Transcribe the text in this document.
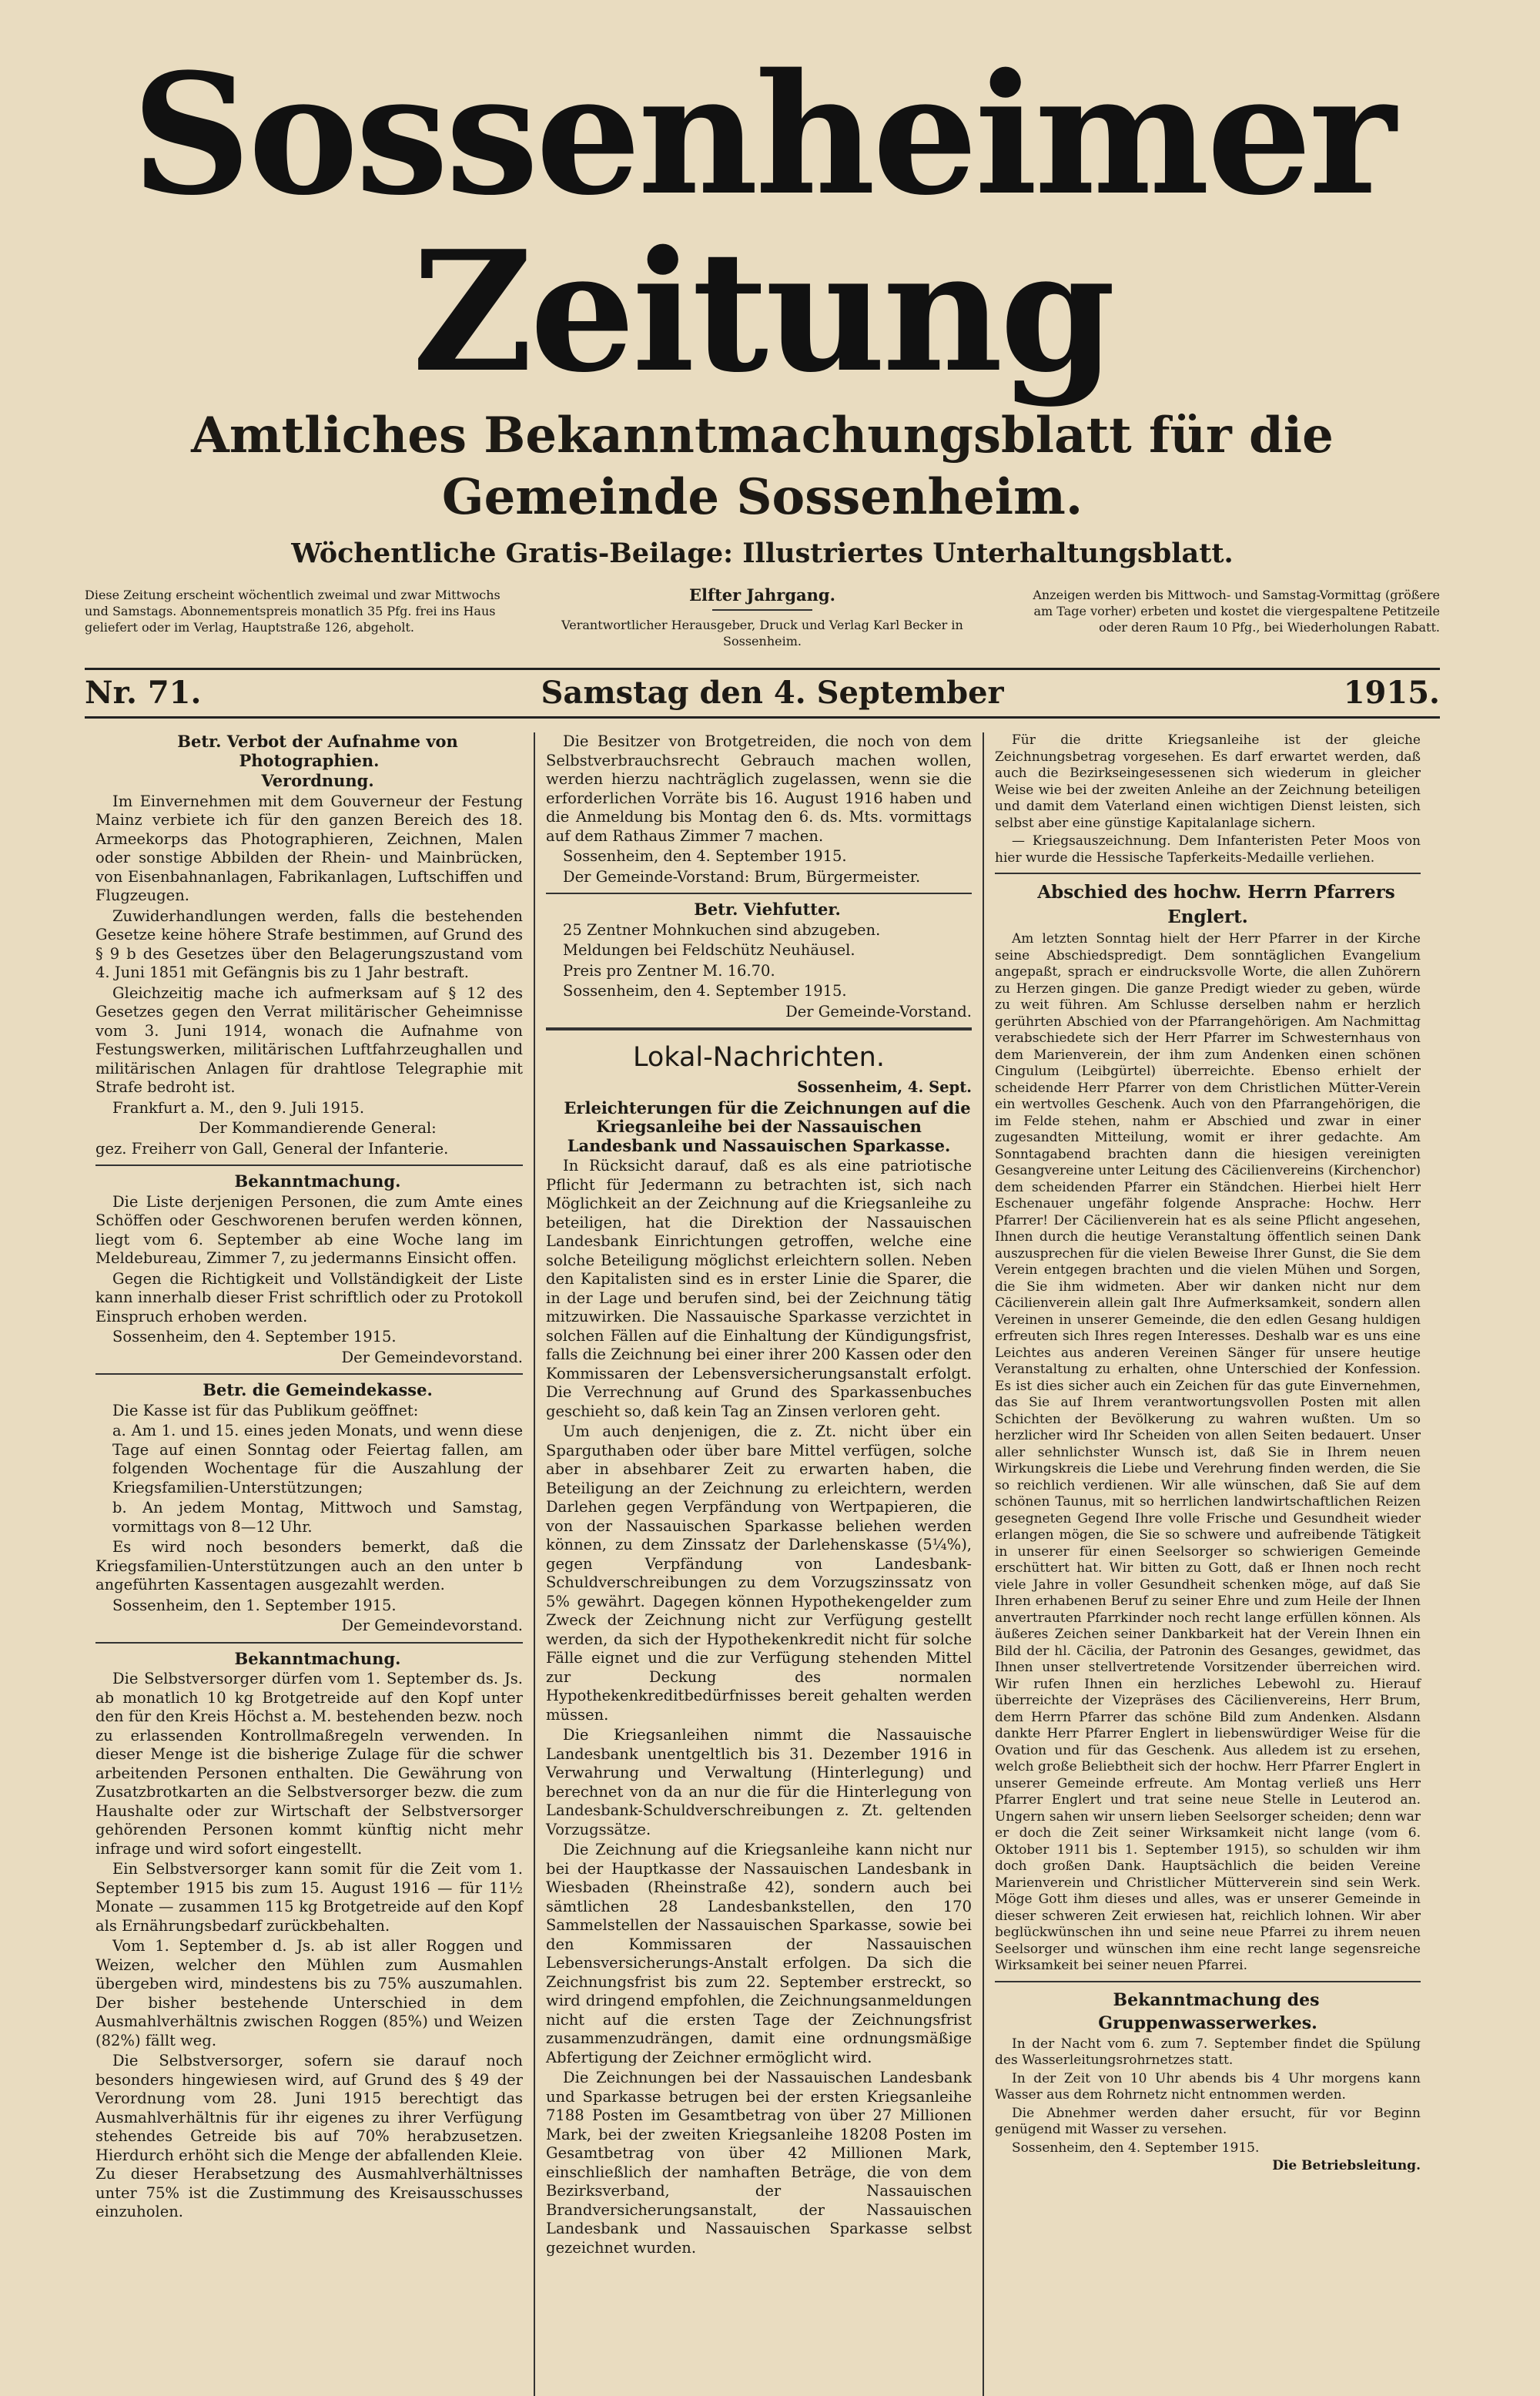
Sossenheimer Zeitung
Amtliches Bekanntmachungsblatt für die Gemeinde Sossenheim.
Wöchentliche Gratis-Beilage: Illustriertes Unterhaltungsblatt.
Diese Zeitung erscheint wöchentlich zweimal und zwar Mittwochs und Samstags. Abonnementspreis monatlich 35 Pfg. frei ins Haus geliefert oder im Verlag, Hauptstraße 126, abgeholt.
Elfter Jahrgang.
Verantwortlicher Herausgeber, Druck und Verlag Karl Becker in Sossenheim.
Anzeigen werden bis Mittwoch- und Samstag-Vormittag (größere am Tage vorher) erbeten und kostet die viergespaltene Petitzeile oder deren Raum 10 Pfg., bei Wiederholungen Rabatt.
Nr. 71.	Samstag den 4. September	1915.

Betr. Verbot der Aufnahme von Photographien.

Verordnung.

Im Einvernehmen mit dem Gouverneur der Festung Mainz verbiete ich für den ganzen Bereich des 18. Armeekorps das Photographieren, Zeichnen, Malen oder sonstige Abbilden der Rhein- und Mainbrücken, von Eisenbahnanlagen, Fabrikanlagen, Luftschiffen und Flugzeugen.

Zuwiderhandlungen werden, falls die bestehenden Gesetze keine höhere Strafe bestimmen, auf Grund des § 9 b des Gesetzes über den Belagerungszustand vom 4. Juni 1851 mit Gefängnis bis zu 1 Jahr bestraft.

Gleichzeitig mache ich aufmerksam auf § 12 des Gesetzes gegen den Verrat militärischer Geheimnisse vom 3. Juni 1914, wonach die Aufnahme von Festungswerken, militärischen Luftfahrzeughallen und militärischen Anlagen für drahtlose Telegraphie mit Strafe bedroht ist.

Frankfurt a. M., den 9. Juli 1915.

Der Kommandierende General:

gez. Freiherr von Gall, General der Infanterie.

Bekanntmachung.

Die Liste derjenigen Personen, die zum Amte eines Schöffen oder Geschworenen berufen werden können, liegt vom 6. September ab eine Woche lang im Meldebureau, Zimmer 7, zu jedermanns Einsicht offen.

Gegen die Richtigkeit und Vollständigkeit der Liste kann innerhalb dieser Frist schriftlich oder zu Protokoll Einspruch erhoben werden.

Sossenheim, den 4. September 1915.

Der Gemeindevorstand.

Betr. die Gemeindekasse.

Die Kasse ist für das Publikum geöffnet:

a. Am 1. und 15. eines jeden Monats, und wenn diese Tage auf einen Sonntag oder Feiertag fallen, am folgenden Wochentage für die Auszahlung der Kriegsfamilien-Unterstützungen;

b. An jedem Montag, Mittwoch und Samstag, vormittags von 8—12 Uhr.

Es wird noch besonders bemerkt, daß die Kriegsfamilien-Unterstützungen auch an den unter b angeführten Kassentagen ausgezahlt werden.

Sossenheim, den 1. September 1915.

Der Gemeindevorstand.

Bekanntmachung.

Die Selbstversorger dürfen vom 1. September ds. Js. ab monatlich 10 kg Brotgetreide auf den Kopf unter den für den Kreis Höchst a. M. bestehenden bezw. noch zu erlassenden Kontrollmaßregeln verwenden. In dieser Menge ist die bisherige Zulage für die schwer arbeitenden Personen enthalten. Die Gewährung von Zusatzbrotkarten an die Selbstversorger bezw. die zum Haushalte oder zur Wirtschaft der Selbstversorger gehörenden Personen kommt künftig nicht mehr infrage und wird sofort eingestellt.

Ein Selbstversorger kann somit für die Zeit vom 1. September 1915 bis zum 15. August 1916 — für 11½ Monate — zusammen 115 kg Brotgetreide auf den Kopf als Ernährungsbedarf zurückbehalten.

Vom 1. September d. Js. ab ist aller Roggen und Weizen, welcher den Mühlen zum Ausmahlen übergeben wird, mindestens bis zu 75% auszumahlen. Der bisher bestehende Unterschied in dem Ausmahlverhältnis zwischen Roggen (85%) und Weizen (82%) fällt weg.

Die Selbstversorger, sofern sie darauf noch besonders hingewiesen wird, auf Grund des § 49 der Verordnung vom 28. Juni 1915 berechtigt das Ausmahlverhältnis für ihr eigenes zu ihrer Verfügung stehendes Getreide bis auf 70% herabzusetzen. Hierdurch erhöht sich die Menge der abfallenden Kleie. Zu dieser Herabsetzung des Ausmahlverhältnisses unter 75% ist die Zustimmung des Kreisausschusses einzuholen.

Die Besitzer von Brotgetreiden, die noch von dem Selbstverbrauchsrecht Gebrauch machen wollen, werden hierzu nachträglich zugelassen, wenn sie die erforderlichen Vorräte bis 16. August 1916 haben und die Anmeldung bis Montag den 6. ds. Mts. vormittags auf dem Rathaus Zimmer 7 machen.

Sossenheim, den 4. September 1915.

Der Gemeinde-Vorstand: Brum, Bürgermeister.

Betr. Viehfutter.

25 Zentner Mohnkuchen sind abzugeben.

Meldungen bei Feldschütz Neuhäusel.

Preis pro Zentner M. 16.70.

Sossenheim, den 4. September 1915.

Der Gemeinde-Vorstand.

Lokal-Nachrichten.

Sossenheim, 4. Sept.

Erleichterungen für die Zeichnungen auf die Kriegsanleihe bei der Nassauischen Landesbank und Nassauischen Sparkasse.

In Rücksicht darauf, daß es als eine patriotische Pflicht für Jedermann zu betrachten ist, sich nach Möglichkeit an der Zeichnung auf die Kriegsanleihe zu beteiligen, hat die Direktion der Nassauischen Landesbank Einrichtungen getroffen, welche eine solche Beteiligung möglichst erleichtern sollen. Neben den Kapitalisten sind es in erster Linie die Sparer, die in der Lage und berufen sind, bei der Zeichnung tätig mitzuwirken. Die Nassauische Sparkasse verzichtet in solchen Fällen auf die Einhaltung der Kündigungsfrist, falls die Zeichnung bei einer ihrer 200 Kassen oder den Kommissaren der Lebensversicherungsanstalt erfolgt. Die Verrechnung auf Grund des Sparkassenbuches geschieht so, daß kein Tag an Zinsen verloren geht.

Um auch denjenigen, die z. Zt. nicht über ein Sparguthaben oder über bare Mittel verfügen, solche aber in absehbarer Zeit zu erwarten haben, die Beteiligung an der Zeichnung zu erleichtern, werden Darlehen gegen Verpfändung von Wertpapieren, die von der Nassauischen Sparkasse beliehen werden können, zu dem Zinssatz der Darlehenskasse (5¼%), gegen Verpfändung von Landesbank-Schuldverschreibungen zu dem Vorzugszinssatz von 5% gewährt. Dagegen können Hypothekengelder zum Zweck der Zeichnung nicht zur Verfügung gestellt werden, da sich der Hypothekenkredit nicht für solche Fälle eignet und die zur Verfügung stehenden Mittel zur Deckung des normalen Hypothekenkreditbedürfnisses bereit gehalten werden müssen.

Die Kriegsanleihen nimmt die Nassauische Landesbank unentgeltlich bis 31. Dezember 1916 in Verwahrung und Verwaltung (Hinterlegung) und berechnet von da an nur die für die Hinterlegung von Landesbank-Schuldverschreibungen z. Zt. geltenden Vorzugssätze.

Die Zeichnung auf die Kriegsanleihe kann nicht nur bei der Hauptkasse der Nassauischen Landesbank in Wiesbaden (Rheinstraße 42), sondern auch bei sämtlichen 28 Landesbankstellen, den 170 Sammelstellen der Nassauischen Sparkasse, sowie bei den Kommissaren der Nassauischen Lebensversicherungs-Anstalt erfolgen. Da sich die Zeichnungsfrist bis zum 22. September erstreckt, so wird dringend empfohlen, die Zeichnungsanmeldungen nicht auf die ersten Tage der Zeichnungsfrist zusammenzudrängen, damit eine ordnungsmäßige Abfertigung der Zeichner ermöglicht wird.

Die Zeichnungen bei der Nassauischen Landesbank und Sparkasse betrugen bei der ersten Kriegsanleihe 7188 Posten im Gesamtbetrag von über 27 Millionen Mark, bei der zweiten Kriegsanleihe 18208 Posten im Gesamtbetrag von über 42 Millionen Mark, einschließlich der namhaften Beträge, die von dem Bezirksverband, der Nassauischen Brandversicherungsanstalt, der Nassauischen Landesbank und Nassauischen Sparkasse selbst gezeichnet wurden.

Für die dritte Kriegsanleihe ist der gleiche Zeichnungsbetrag vorgesehen. Es darf erwartet werden, daß auch die Bezirkseingesessenen sich wiederum in gleicher Weise wie bei der zweiten Anleihe an der Zeichnung beteiligen und damit dem Vaterland einen wichtigen Dienst leisten, sich selbst aber eine günstige Kapitalanlage sichern.

— Kriegsauszeichnung. Dem Infanteristen Peter Moos von hier wurde die Hessische Tapferkeits-Medaille verliehen.

Abschied des hochw. Herrn Pfarrers Englert.

Am letzten Sonntag hielt der Herr Pfarrer in der Kirche seine Abschiedspredigt. Dem sonntäglichen Evangelium angepaßt, sprach er eindrucksvolle Worte, die allen Zuhörern zu Herzen gingen. Die ganze Predigt wieder zu geben, würde zu weit führen. Am Schlusse derselben nahm er herzlich gerührten Abschied von der Pfarrangehörigen. Am Nachmittag verabschiedete sich der Herr Pfarrer im Schwesternhaus von dem Marienverein, der ihm zum Andenken einen schönen Cingulum (Leibgürtel) überreichte. Ebenso erhielt der scheidende Herr Pfarrer von dem Christlichen Mütter-Verein ein wertvolles Geschenk. Auch von den Pfarrangehörigen, die im Felde stehen, nahm er Abschied und zwar in einer zugesandten Mitteilung, womit er ihrer gedachte. Am Sonntagabend brachten dann die hiesigen vereinigten Gesangvereine unter Leitung des Cäcilienvereins (Kirchenchor) dem scheidenden Pfarrer ein Ständchen. Hierbei hielt Herr Eschenauer ungefähr folgende Ansprache: Hochw. Herr Pfarrer! Der Cäcilienverein hat es als seine Pflicht angesehen, Ihnen durch die heutige Veranstaltung öffentlich seinen Dank auszusprechen für die vielen Beweise Ihrer Gunst, die Sie dem Verein entgegen brachten und die vielen Mühen und Sorgen, die Sie ihm widmeten. Aber wir danken nicht nur dem Cäcilienverein allein galt Ihre Aufmerksamkeit, sondern allen Vereinen in unserer Gemeinde, die den edlen Gesang huldigen erfreuten sich Ihres regen Interesses. Deshalb war es uns eine Leichtes aus anderen Vereinen Sänger für unsere heutige Veranstaltung zu erhalten, ohne Unterschied der Konfession. Es ist dies sicher auch ein Zeichen für das gute Einvernehmen, das Sie auf Ihrem verantwortungsvollen Posten mit allen Schichten der Bevölkerung zu wahren wußten. Um so herzlicher wird Ihr Scheiden von allen Seiten bedauert. Unser aller sehnlichster Wunsch ist, daß Sie in Ihrem neuen Wirkungskreis die Liebe und Verehrung finden werden, die Sie so reichlich verdienen. Wir alle wünschen, daß Sie auf dem schönen Taunus, mit so herrlichen landwirtschaftlichen Reizen gesegneten Gegend Ihre volle Frische und Gesundheit wieder erlangen mögen, die Sie so schwere und aufreibende Tätigkeit in unserer für einen Seelsorger so schwierigen Gemeinde erschüttert hat. Wir bitten zu Gott, daß er Ihnen noch recht viele Jahre in voller Gesundheit schenken möge, auf daß Sie Ihren erhabenen Beruf zu seiner Ehre und zum Heile der Ihnen anvertrauten Pfarrkinder noch recht lange erfüllen können. Als äußeres Zeichen seiner Dankbarkeit hat der Verein Ihnen ein Bild der hl. Cäcilia, der Patronin des Gesanges, gewidmet, das Ihnen unser stellvertretende Vorsitzender überreichen wird. Wir rufen Ihnen ein herzliches Lebewohl zu. Hierauf überreichte der Vizepräses des Cäcilienvereins, Herr Brum, dem Herrn Pfarrer das schöne Bild zum Andenken. Alsdann dankte Herr Pfarrer Englert in liebenswürdiger Weise für die Ovation und für das Geschenk. Aus alledem ist zu ersehen, welch große Beliebtheit sich der hochw. Herr Pfarrer Englert in unserer Gemeinde erfreute. Am Montag verließ uns Herr Pfarrer Englert und trat seine neue Stelle in Leuterod an. Ungern sahen wir unsern lieben Seelsorger scheiden; denn war er doch die Zeit seiner Wirksamkeit nicht lange (vom 6. Oktober 1911 bis 1. September 1915), so schulden wir ihm doch großen Dank. Hauptsächlich die beiden Vereine Marienverein und Christlicher Mütterverein sind sein Werk. Möge Gott ihm dieses und alles, was er unserer Gemeinde in dieser schweren Zeit erwiesen hat, reichlich lohnen. Wir aber beglückwünschen ihn und seine neue Pfarrei zu ihrem neuen Seelsorger und wünschen ihm eine recht lange segensreiche Wirksamkeit bei seiner neuen Pfarrei.

Bekanntmachung des Gruppenwasserwerkes.

In der Nacht vom 6. zum 7. September findet die Spülung des Wasserleitungsrohrnetzes statt.

In der Zeit von 10 Uhr abends bis 4 Uhr morgens kann Wasser aus dem Rohrnetz nicht entnommen werden.

Die Abnehmer werden daher ersucht, für vor Beginn genügend mit Wasser zu versehen.

Sossenheim, den 4. September 1915.

Die Betriebsleitung.
